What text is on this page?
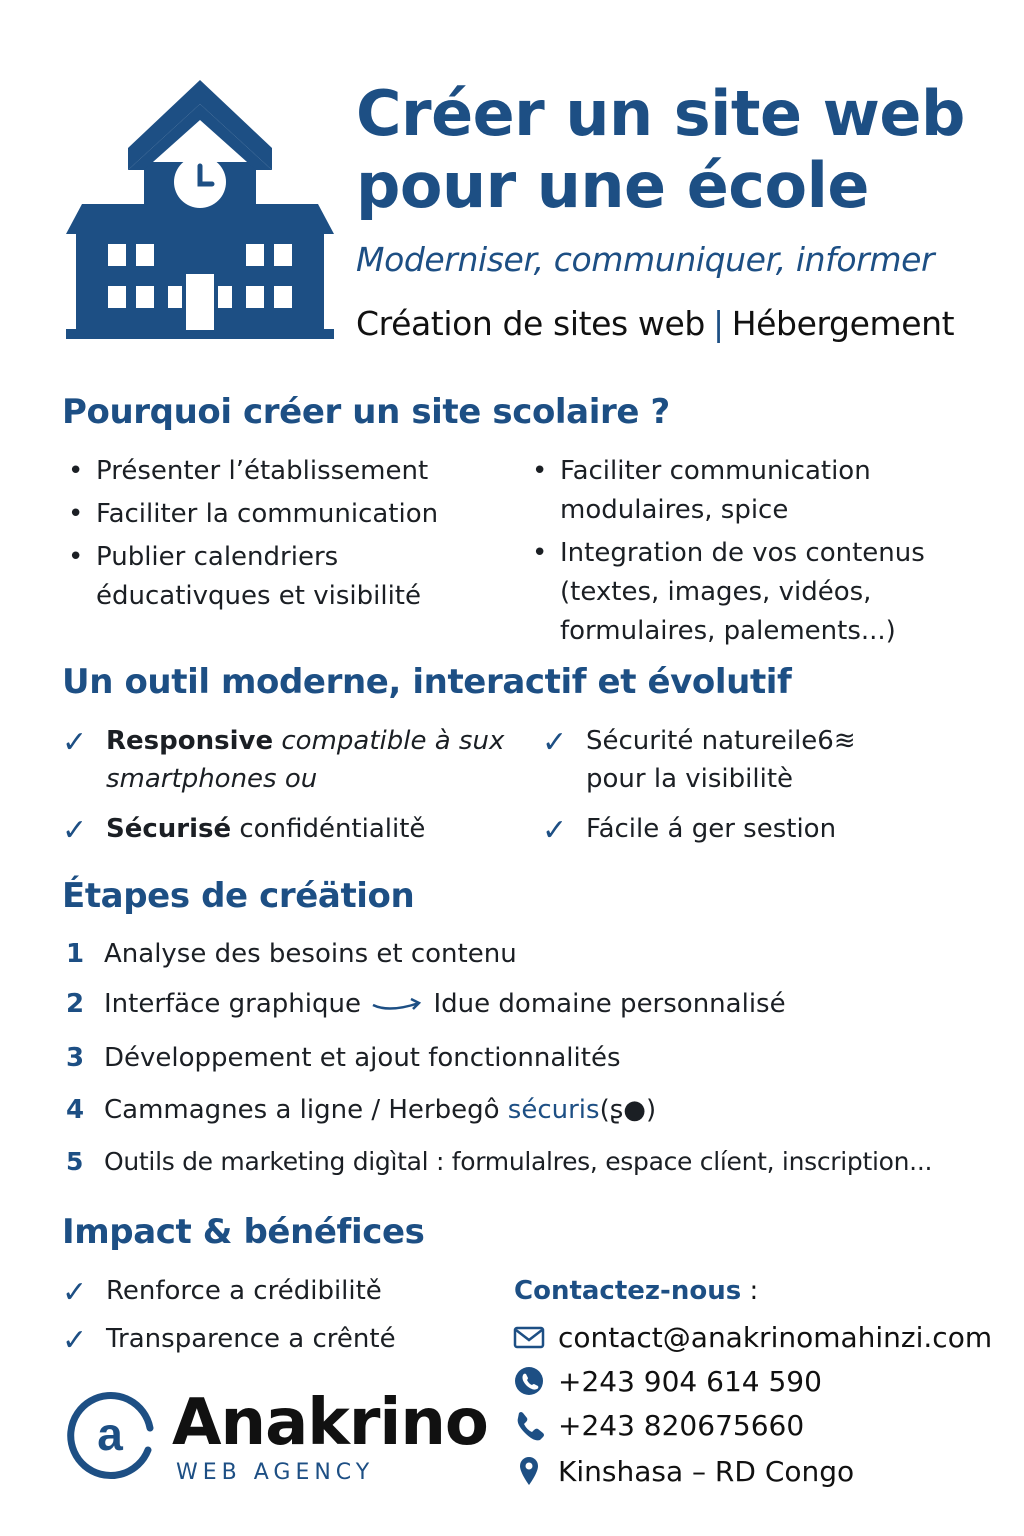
Créer un site web pour une école
Moderniser, communiquer, informer
Création de sites web | Hébergement
Pourquoi créer un site scolaire ?
• Présenter l’établissement
• Faciliter la communication
• Publier calendriers éducativques et visibilité
• Faciliter communication modulaires, spice
• Integration de vos contenus (textes, images, vidéos, formulaires, palements...)
Un outil moderne, interactif et évolutif
✓ Responsive compatible à sux smartphones ou
✓ Sécurité natureile6≋ pour la visibilitè
✓ Sécurisé confidéntialitě	✓ Fácile á ger sestion
Étapes de créätion
1 Analyse des besoins et contenu
2 Interfäce graphique  Idue domaine personnalisé
3 Développement et ajout fonctionnalités
4 Cammagnes a ligne / Herbegô sécuris(ʂ●)
5 Outils de marketing digìtal : formulalres, espace clíent, inscription...
Impact & bénéfices
✓ Renforce a crédibilitě
✓ Transparence a crênté
Contactez-nous :
contact@anakrinomahinzi.com
+243 904 614 590
+243 820675660
Kinshasa – RD Congo
a Anakrino
WEB AGENCY
